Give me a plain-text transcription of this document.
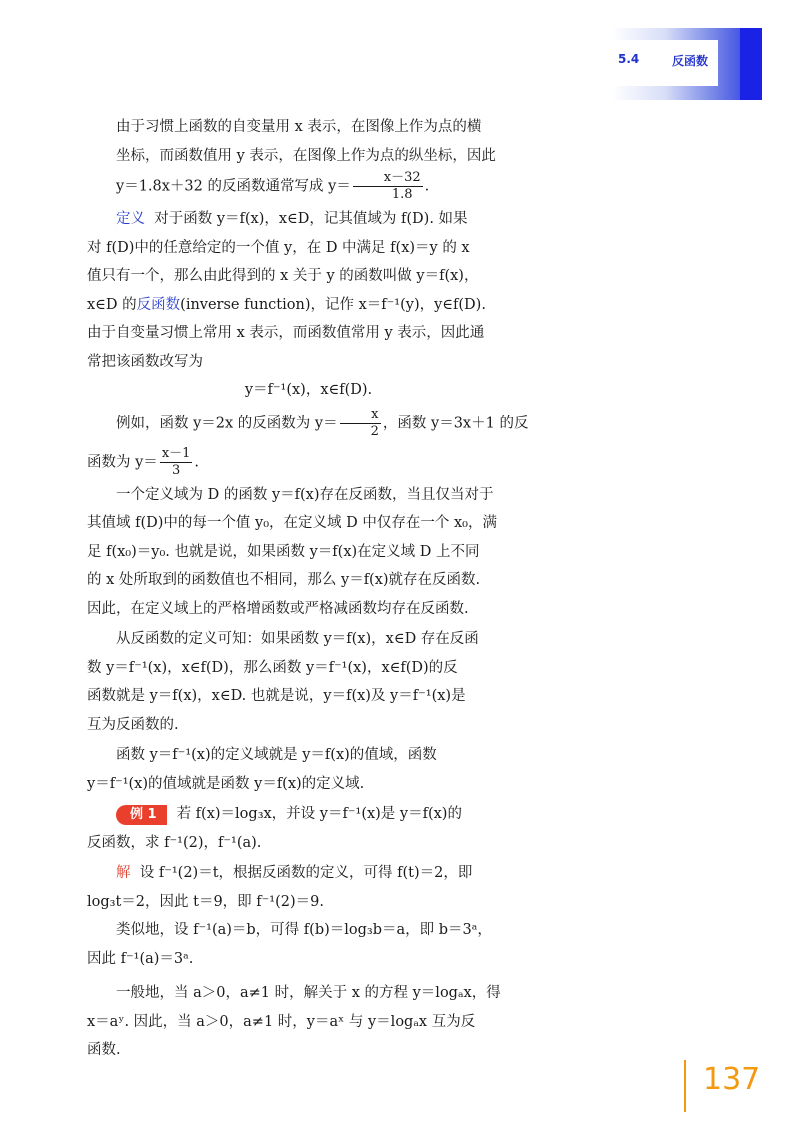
5.4	反函数

由于习惯上函数的自变量用 x 表示，在图像上作为点的横
坐标，而函数值用 y 表示，在图像上作为点的纵坐标，因此
y＝1.8x＋32 的反函数通常写成 $y= \frac{x-32}{1.8}$ .

定义 对于函数 y＝f(x)，x∈D，记其值域为 f(D). 如果
对 f(D)中的任意给定的一个值 y，在 D 中满足 f(x)＝y 的 x
值只有一个，那么由此得到的 x 关于 y 的函数叫做 y＝f(x)，
x∈D 的反函数(inverse function)，记作 x＝f⁻¹(y)，y∈f(D).
由于自变量习惯上常用 x 表示，而函数值常用 y 表示，因此通
常把该函数改写为

y＝f⁻¹(x)，x∈f(D).

例如，函数 y＝2x 的反函数为 $y= \frac{x}{2}$ ，函数 y＝3x＋1 的反

函数为 $y= \frac{x-1}{3}$ .

一个定义域为 D 的函数 y＝f(x)存在反函数，当且仅当对于
其值域 f(D)中的每一个值 y₀，在定义域 D 中仅存在一个 x₀，满
足 f(x₀)＝y₀. 也就是说，如果函数 y＝f(x)在定义域 D 上不同
的 x 处所取到的函数值也不相同，那么 y＝f(x)就存在反函数.
因此，在定义域上的严格增函数或严格减函数均存在反函数.

从反函数的定义可知：如果函数 y＝f(x)，x∈D 存在反函
数 y＝f⁻¹(x)，x∈f(D)，那么函数 y＝f⁻¹(x)，x∈f(D)的反
函数就是 y＝f(x)，x∈D. 也就是说，y＝f(x)及 y＝f⁻¹(x)是
互为反函数的.

函数 y＝f⁻¹(x)的定义域就是 y＝f(x)的值域，函数
y＝f⁻¹(x)的值域就是函数 y＝f(x)的定义域.

例 1 若 f(x)＝log₃x，并设 y＝f⁻¹(x)是 y＝f(x)的
反函数，求 f⁻¹(2)，f⁻¹(a).

解 设 f⁻¹(2)＝t，根据反函数的定义，可得 f(t)＝2，即
log₃t＝2，因此 t＝9，即 f⁻¹(2)＝9.
类似地，设 f⁻¹(a)＝b，可得 f(b)＝log₃b＝a，即 b＝3ᵃ，
因此 f⁻¹(a)＝3ᵃ.

一般地，当 a＞0，a≠1 时，解关于 x 的方程 y＝logₐx，得
x＝aʸ. 因此，当 a＞0，a≠1 时，y＝aˣ 与 y＝logₐx 互为反
函数.

137
